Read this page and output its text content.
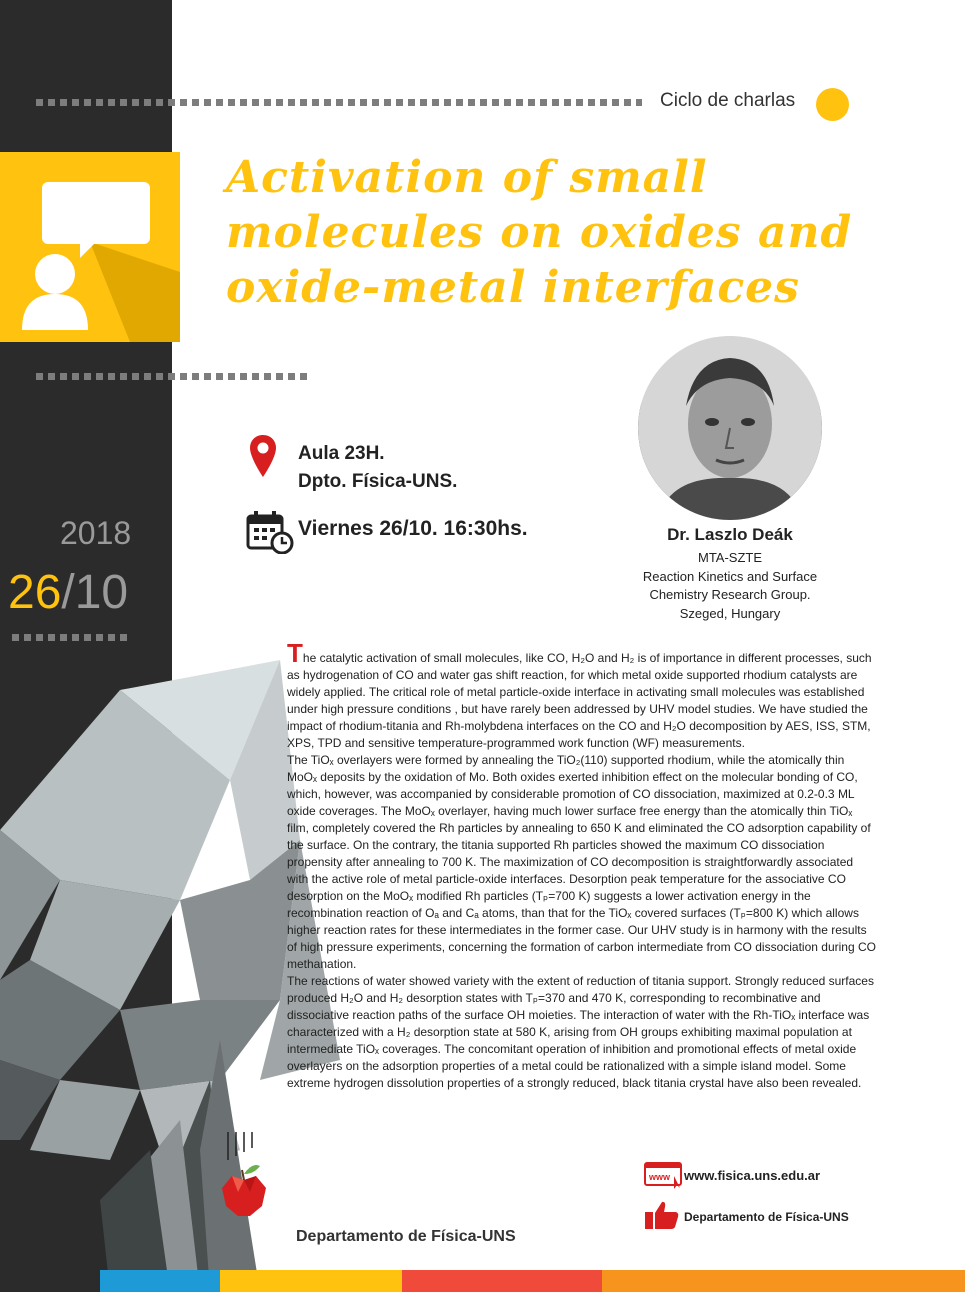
Ciclo de charlas
Activation of small molecules on oxides and oxide-metal interfaces
2018
26/10
Aula 23H.
Dpto. Física-UNS.
Viernes 26/10. 16:30hs.	Dr. Laszlo Deák
MTA-SZTE
Reaction Kinetics and Surface
Chemistry Research Group.
Szeged, Hungary

The catalytic activation of small molecules, like CO, H₂O and H₂ is of importance in different processes, such as hydrogenation of CO and water gas shift reaction, for which metal oxide supported rhodium catalysts are widely applied. The critical role of metal particle-oxide interface in activating small molecules was established under high pressure conditions , but have rarely been addressed by UHV model studies. We have studied the impact of rhodium-titania and Rh-molybdena interfaces on the CO and H₂O decomposition by AES, ISS, STM, XPS, TPD and sensitive temperature-programmed work function (WF) measurements.

The TiOₓ overlayers were formed by annealing the TiO₂(110) supported rhodium, while the atomically thin MoOₓ deposits by the oxidation of Mo. Both oxides exerted inhibition effect on the molecular bonding of CO, which, however, was accompanied by considerable promotion of CO dissociation, maximized at 0.2-0.3 ML oxide coverages. The MoOₓ overlayer, having much lower surface free energy than the atomically thin TiOₓ film, completely covered the Rh particles by annealing to 650 K and eliminated the CO adsorption capability of the surface. On the contrary, the titania supported Rh particles showed the maximum CO dissociation propensity after annealing to 700 K. The maximization of CO decomposition is straightforwardly associated with the active role of metal particle-oxide interfaces. Desorption peak temperature for the associative CO desorption on the MoOₓ modified Rh particles (Tₚ=700 K) suggests a lower activation energy in the recombination reaction of Oₐ and Cₐ atoms, than that for the TiOₓ covered surfaces (Tₚ=800 K) which allows higher reaction rates for these intermediates in the former case. Our UHV study is in harmony with the results of high pressure experiments, concerning the formation of carbon intermediate from CO dissociation during CO methanation.

The reactions of water showed variety with the extent of reduction of titania support. Strongly reduced surfaces produced H₂O and H₂ desorption states with Tₚ=370 and 470 K, corresponding to recombinative and dissociative reaction paths of the surface OH moieties. The interaction of water with the Rh-TiOₓ interface was characterized with a H₂ desorption state at 580 K, arising from OH groups exhibiting maximal population at intermediate TiOₓ coverages. The concomitant operation of inhibition and promotional effects of metal oxide overlayers on the adsorption properties of a metal could be rationalized with a simple island model. Some extreme hydrogen dissolution properties of a strongly reduced, black titania crystal have also been revealed.

www www.fisica.uns.edu.ar
Departamento de Física-UNS
Departamento de Física-UNS
